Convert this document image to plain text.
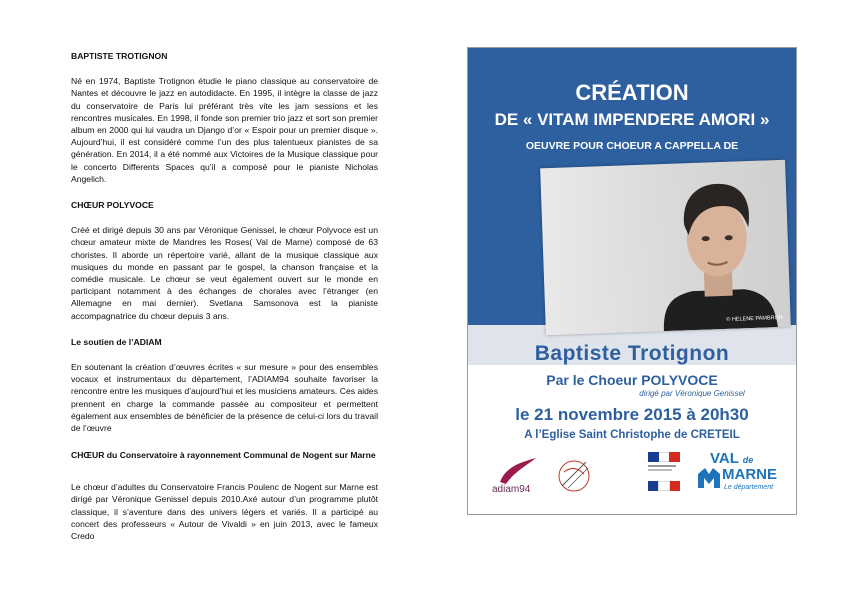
BAPTISTE TROTIGNON

Né en 1974, Baptiste Trotignon étudie le piano classique au conservatoire de Nantes et découvre le jazz en autodidacte. En 1995, il intègre la classe de jazz du conservatoire de Paris lui préférant très vite les jam sessions et les rencontres musicales. En 1998, il fonde son premier trio jazz et sort son premier album en 2000 qui lui vaudra un Django d’or « Espoir pour un premier disque ». Aujourd’hui, il est considéré comme l’un des plus talentueux pianistes de sa génération. En 2014, il a été nommé aux Victoires de la Musique classique pour le concerto Differents Spaces qu’il a composé pour le pianiste Nicholas Angelich.

CHŒUR POLYVOCE

Créé et dirigé depuis 30 ans par Véronique Genissel, le chœur Polyvoce est un chœur amateur mixte de Mandres les Roses( Val de Marne) composé de 63 choristes. Il aborde un répertoire varié, allant de la musique classique aux musiques du monde en passant par le gospel, la chanson française et la comédie musicale. Le chœur se veut également ouvert sur le monde en participant notamment à des échanges de chorales avec l’étranger (en Allemagne en mai dernier). Svetlana Samsonova est la pianiste accompagnatrice du chœur depuis 3 ans.

Le soutien de l’ADIAM

En soutenant la création d’œuvres écrites « sur mesure » pour des ensembles vocaux et instrumentaux du département, l’ADIAM94 souhaite favoriser la rencontre entre les musiques d’aujourd’hui et les musiciens amateurs. Ces aides prennent en charge la commande passée au compositeur et permettent également aux ensembles de bénéficier de la présence de celui-ci lors du travail de l’œuvre

CHŒUR du Conservatoire à rayonnement Communal de Nogent sur Marne

Le chœur d’adultes du Conservatoire Francis Poulenc de Nogent sur Marne est dirigé par Véronique Genissel depuis 2010.Axé autour d’un programme plutôt classique, il s’aventure dans des univers légers et variés. Il a participé au concert des professeurs « Autour de Vivaldi » en juin 2013, avec le fameux Credo

CRÉATION
DE « VITAM IMPENDERE AMORI »
OEUVRE POUR CHOEUR A CAPPELLA DE
© HELENE PAMBRUN
Baptiste Trotignon
Par le Choeur POLYVOCE
dirigé par Véronique Genissel
le 21 novembre 2015 à 20h30
A l’Eglise Saint Christophe de CRETEIL
adiam94
VAL de
MARNE
Le département
